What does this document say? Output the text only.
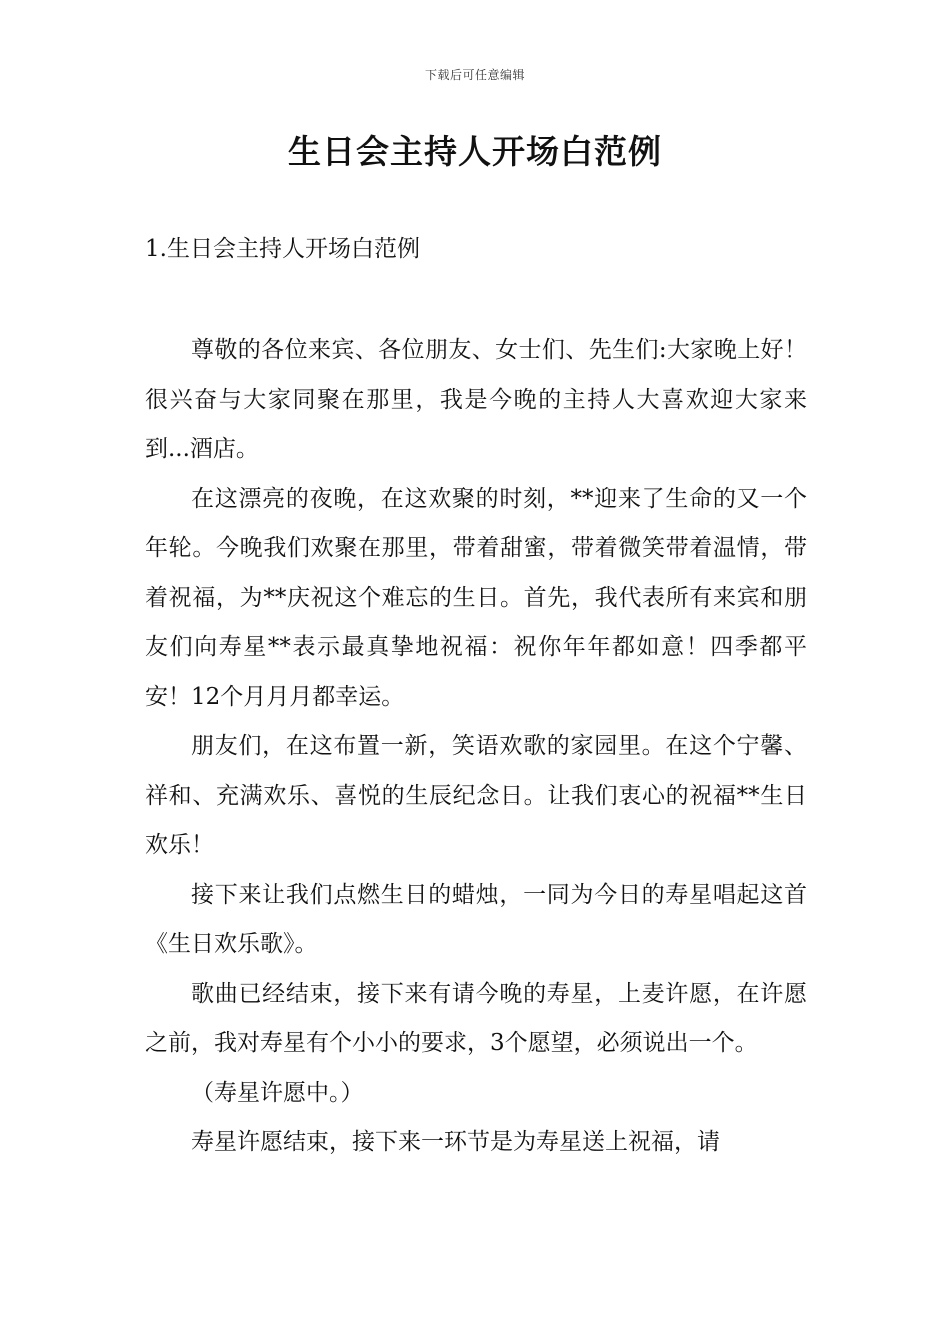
下载后可任意编辑
生日会主持人开场白范例
1.生日会主持人开场白范例

尊敬的各位来宾、各位朋友、女士们、先生们:大家晚上好！很兴奋与大家同聚在那里，我是今晚的主持人大喜欢迎大家来到...酒店。

在这漂亮的夜晚，在这欢聚的时刻，**迎来了生命的又一个年轮。今晚我们欢聚在那里，带着甜蜜，带着微笑带着温情，带着祝福，为**庆祝这个难忘的生日。首先，我代表所有来宾和朋友们向寿星**表示最真挚地祝福：祝你年年都如意！四季都平安！12个月月月都幸运。

朋友们，在这布置一新，笑语欢歌的家园里。在这个宁馨、祥和、充满欢乐、喜悦的生辰纪念日。让我们衷心的祝福**生日欢乐！

接下来让我们点燃生日的蜡烛，一同为今日的寿星唱起这首《生日欢乐歌》。

歌曲已经结束，接下来有请今晚的寿星，上麦许愿，在许愿之前，我对寿星有个小小的要求，3个愿望，必须说出一个。

（寿星许愿中。）

寿星许愿结束，接下来一环节是为寿星送上祝福，请
